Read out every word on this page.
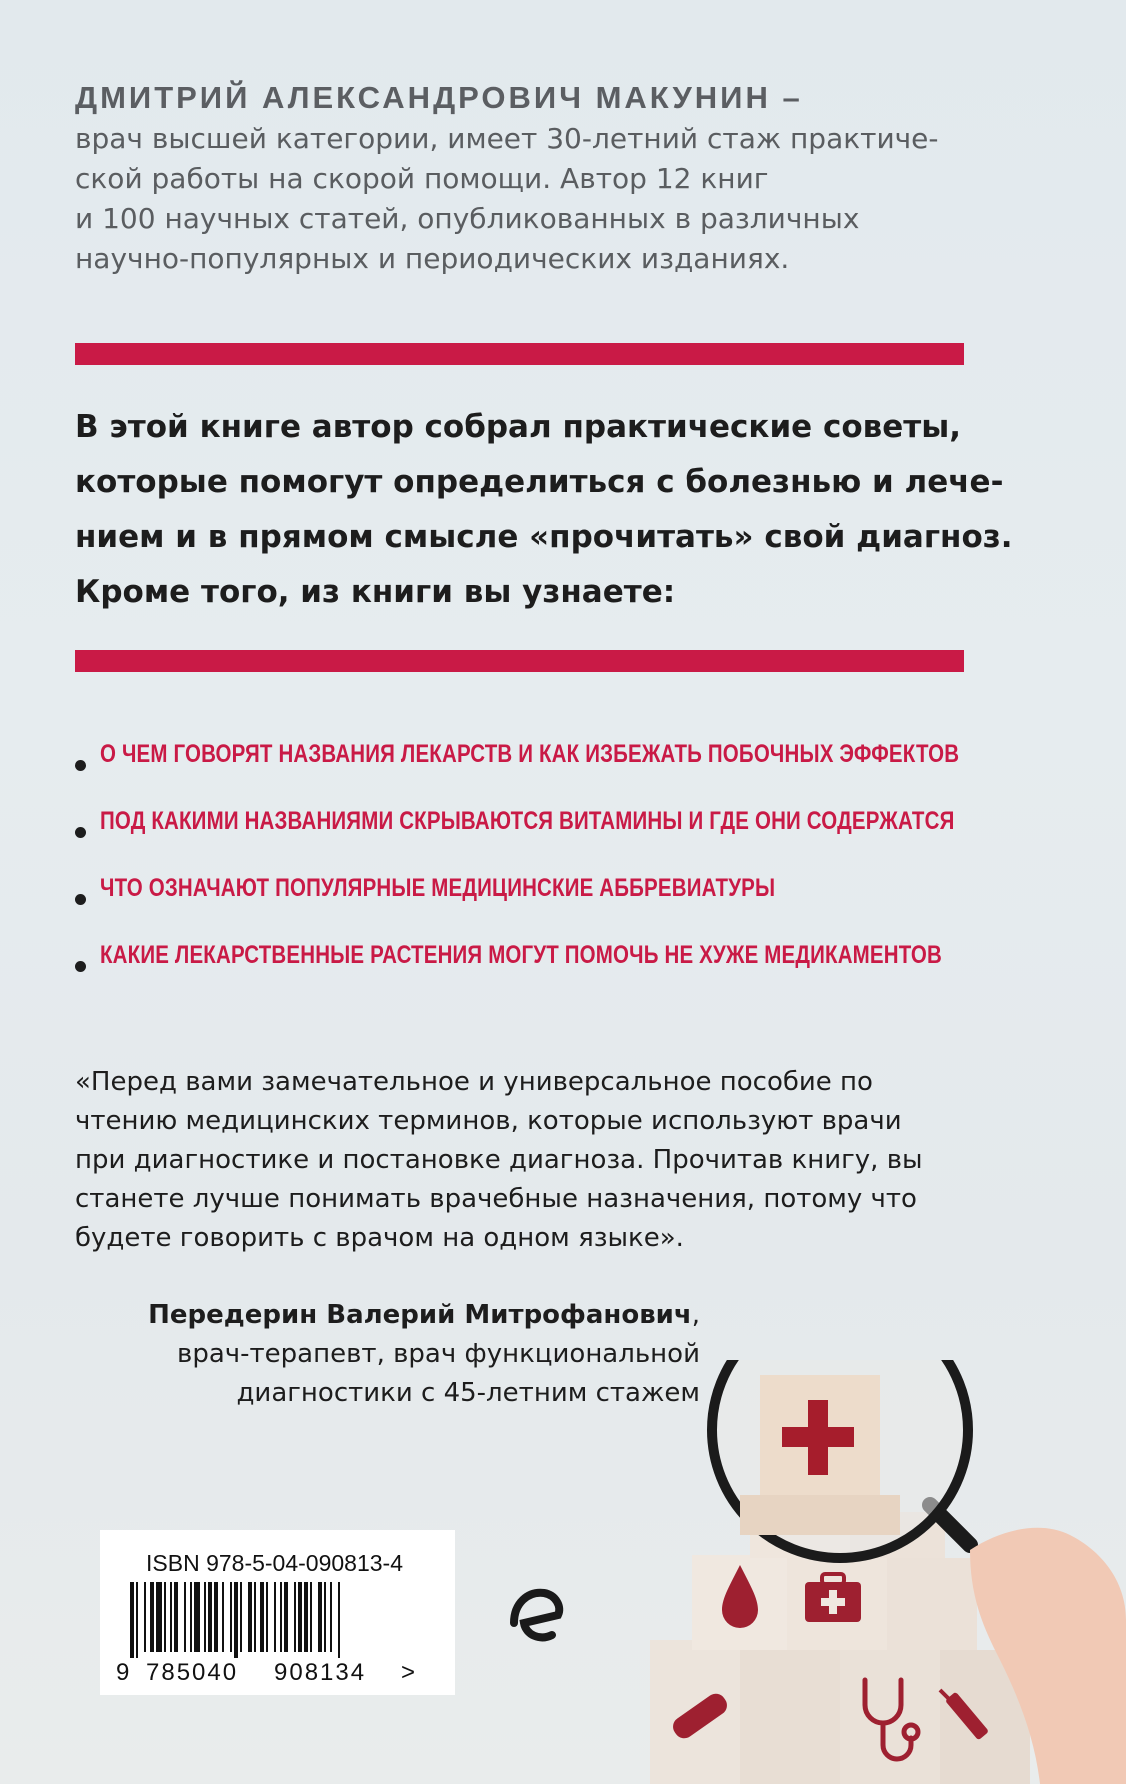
ДМИТРИЙ АЛЕКСАНДРОВИЧ МАКУНИН –
врач высшей категории, имеет 30-летний стаж практиче-
ской работы на скорой помощи. Автор 12 книг
и 100 научных статей, опубликованных в различных
научно-популярных и периодических изданиях.
В этой книге автор собрал практические советы,
которые помогут определиться с болезнью и лече-
нием и в прямом смысле «прочитать» свой диагноз.
Кроме того, из книги вы узнаете:
О ЧЕМ ГОВОРЯТ НАЗВАНИЯ ЛЕКАРСТВ И КАК ИЗБЕЖАТЬ ПОБОЧНЫХ ЭФФЕКТОВ
ПОД КАКИМИ НАЗВАНИЯМИ СКРЫВАЮТСЯ ВИТАМИНЫ И ГДЕ ОНИ СОДЕРЖАТСЯ
ЧТО ОЗНАЧАЮТ ПОПУЛЯРНЫЕ МЕДИЦИНСКИЕ АББРЕВИАТУРЫ
КАКИЕ ЛЕКАРСТВЕННЫЕ РАСТЕНИЯ МОГУТ ПОМОЧЬ НЕ ХУЖЕ МЕДИКАМЕНТОВ
«Перед вами замечательное и универсальное пособие по
чтению медицинских терминов, которые используют врачи
при диагностике и постановке диагноза. Прочитав книгу, вы
станете лучше понимать врачебные назначения, потому что
будете говорить с врачом на одном языке».
Передерин Валерий Митрофанович,
врач-терапевт, врач функциональной
диагностики с 45-летним стажем
ISBN 978-5-04-090813-4
9 785040 908134 >
